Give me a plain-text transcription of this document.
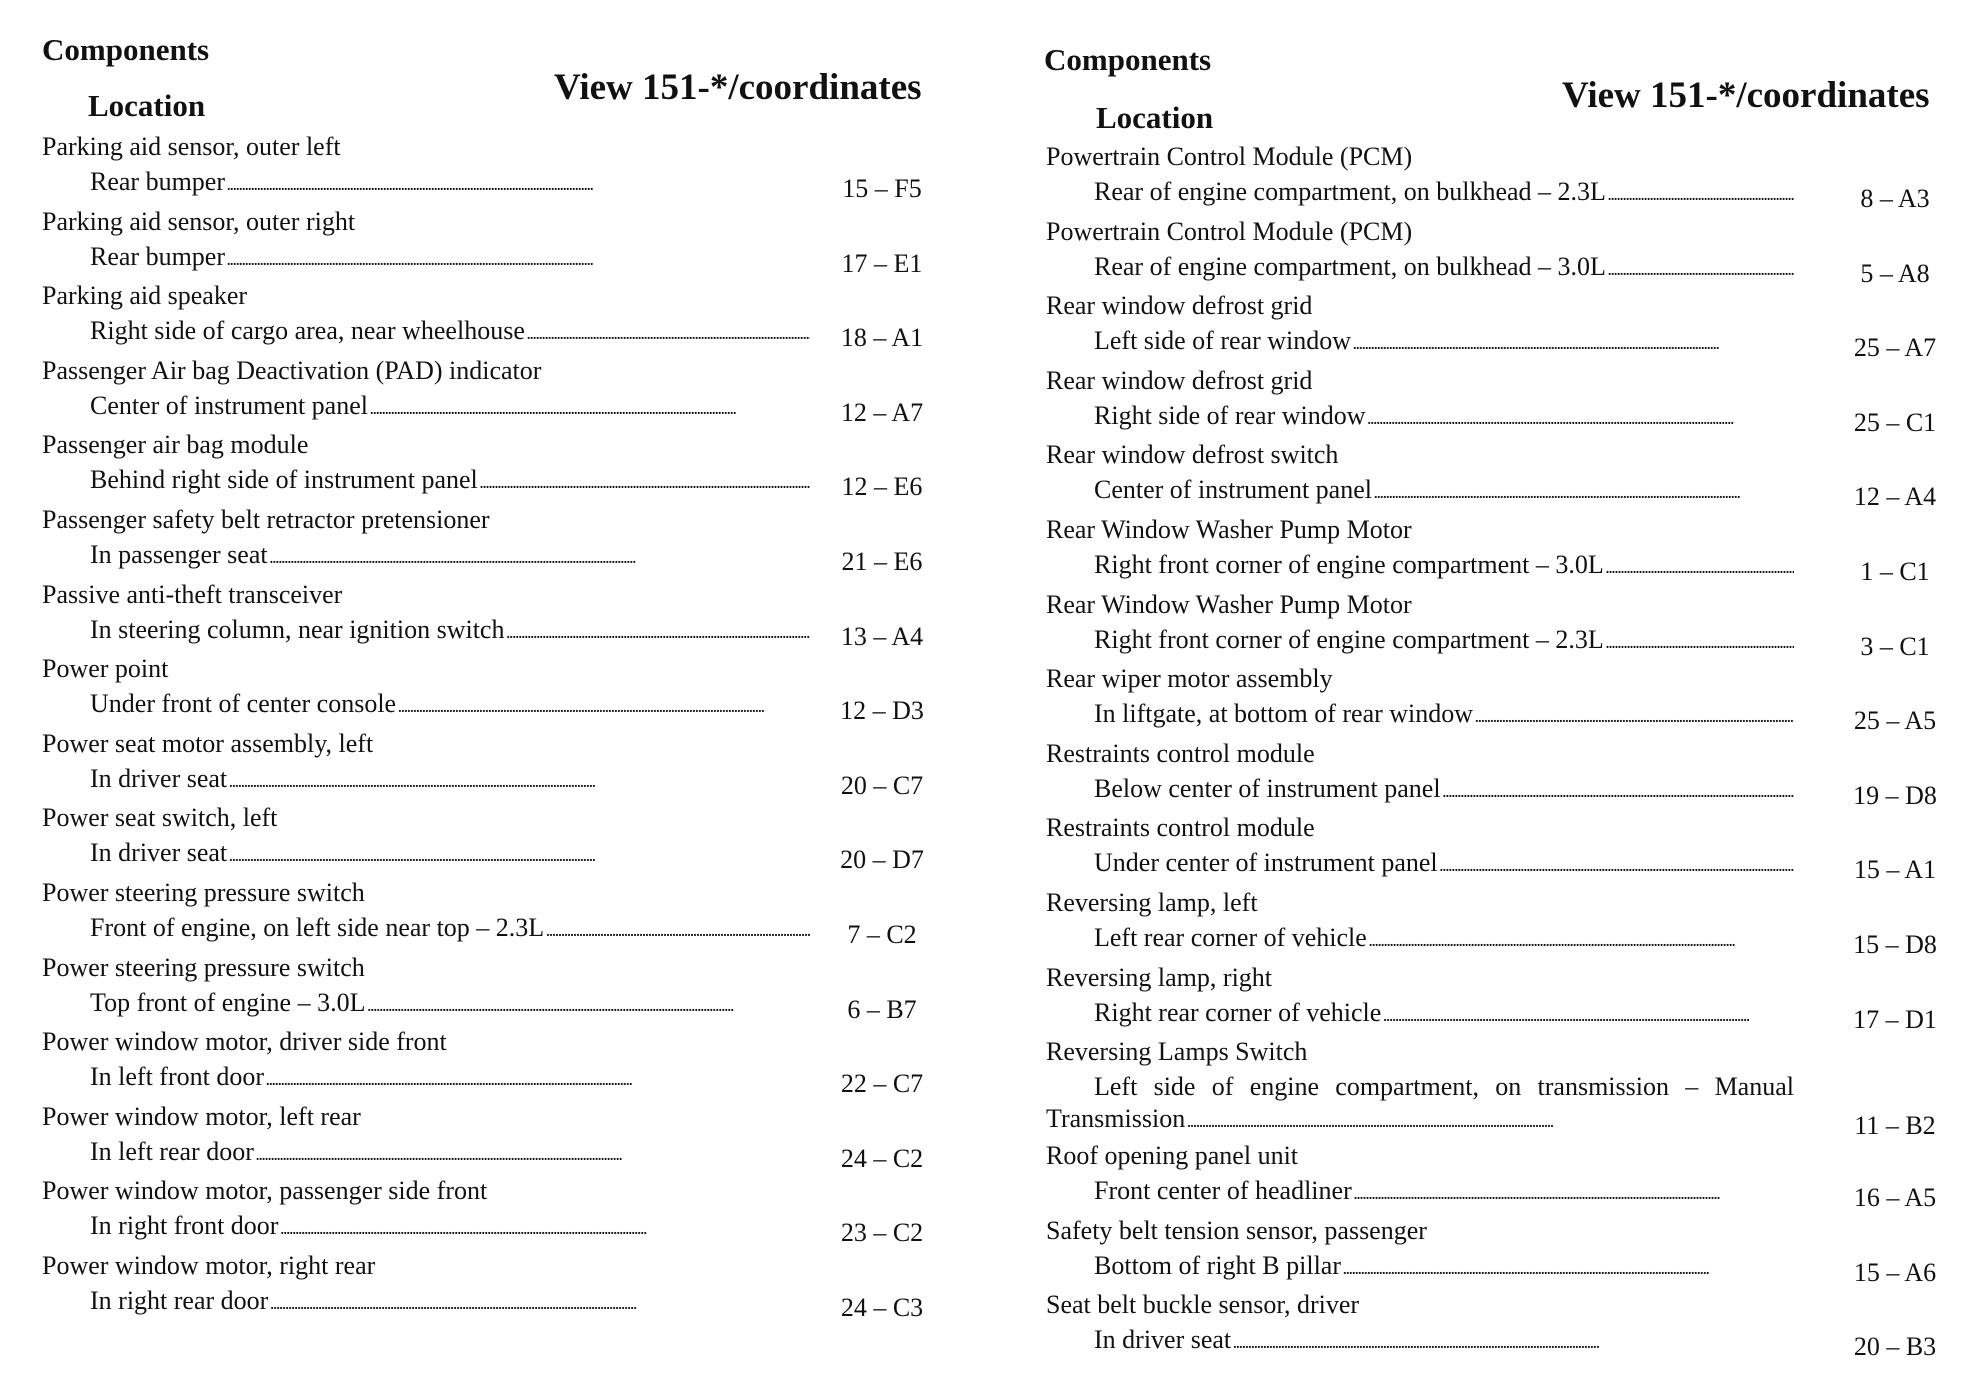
Components
Location	View 151-*/coordinates
Parking aid sensor, outer left
Rear bumper . . .	15 – F5
Parking aid sensor, outer right
Rear bumper . . .	17 – E1
Parking aid speaker
Right side of cargo area, near wheelhouse . . .	18 – A1
Passenger Air bag Deactivation (PAD) indicator
Center of instrument panel . . .	12 – A7
Passenger air bag module
Behind right side of instrument panel . . .	12 – E6
Passenger safety belt retractor pretensioner
In passenger seat . . .	21 – E6
Passive anti-theft transceiver
In steering column, near ignition switch . . .	13 – A4
Power point
Under front of center console . . .	12 – D3
Power seat motor assembly, left
In driver seat . . .	20 – C7
Power seat switch, left
In driver seat . . .	20 – D7
Power steering pressure switch
Front of engine, on left side near top – 2.3L . . .	7 – C2
Power steering pressure switch
Top front of engine – 3.0L . . .	6 – B7
Power window motor, driver side front
In left front door . . .	22 – C7
Power window motor, left rear
In left rear door . . .	24 – C2
Power window motor, passenger side front
In right front door . . .	23 – C2
Power window motor, right rear
In right rear door . . .	24 – C3
Components
Location
View 151-*/coordinates
Powertrain Control Module (PCM)
Rear of engine compartment, on bulkhead – 2.3L . . .	8 – A3
Powertrain Control Module (PCM)
Rear of engine compartment, on bulkhead – 3.0L . . .	5 – A8
Rear window defrost grid
Left side of rear window . . .	25 – A7
Rear window defrost grid
Right side of rear window . . .	25 – C1
Rear window defrost switch
Center of instrument panel . . .	12 – A4
Rear Window Washer Pump Motor
Right front corner of engine compartment – 3.0L . . .	1 – C1
Rear Window Washer Pump Motor
Right front corner of engine compartment – 2.3L . . .	3 – C1
Rear wiper motor assembly
In liftgate, at bottom of rear window . . .	25 – A5
Restraints control module
Below center of instrument panel . . .	19 – D8
Restraints control module
Under center of instrument panel . . .	15 – A1
Reversing lamp, left
Left rear corner of vehicle . . .	15 – D8
Reversing lamp, right
Right rear corner of vehicle . . .	17 – D1
Reversing Lamps Switch
Left side of engine compartment, on transmission – Manual Transmission . . .	11 – B2
Roof opening panel unit
Front center of headliner . . .	16 – A5
Safety belt tension sensor, passenger
Bottom of right B pillar . . .	15 – A6
Seat belt buckle sensor, driver
In driver seat . . .	20 – B3
